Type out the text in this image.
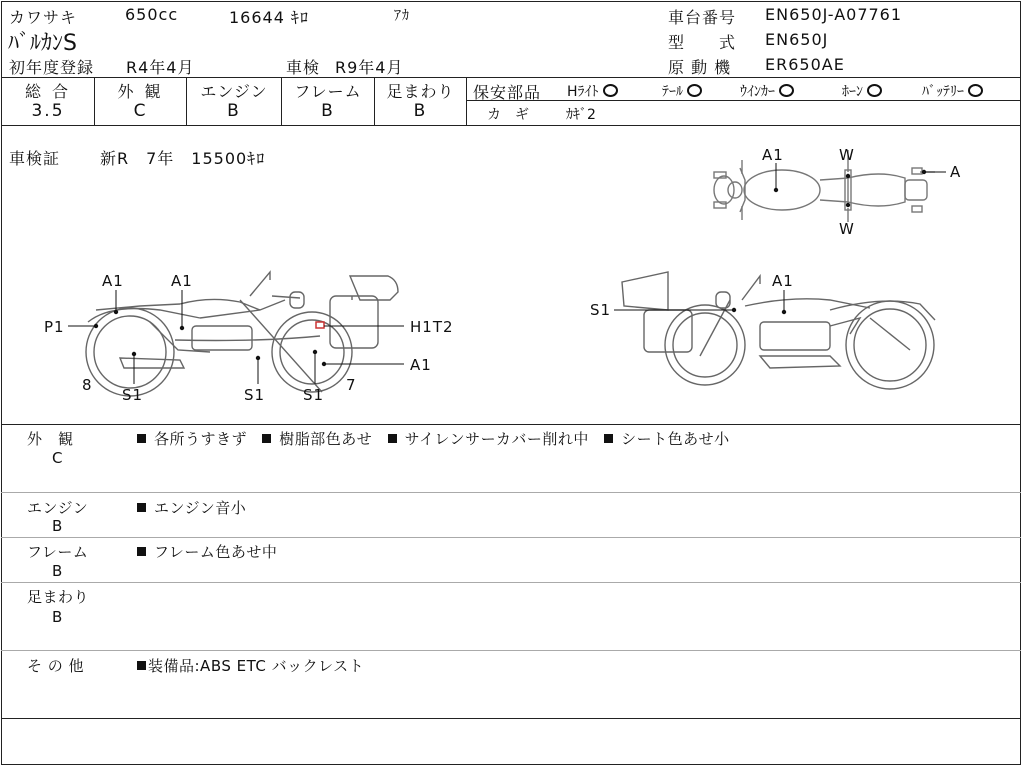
カワサキ	650cc	16644 ｷﾛ	ｱｶ
ﾊﾞﾙｶﾝS
初年度登録 R4年4月	車検 R9年4月
車台番号 EN650J-A07761
型　　式 EN650J
原 動 機 ER650AE
総 合
3.5
外 観
C
エンジン
B
フレーム
B
足まわり
B
保安部品 Hﾗｲﾄ	ﾃｰﾙ	ｳｲﾝｶｰ	ﾎｰﾝ	ﾊﾞｯﾃﾘｰ
カ　ギ	ｶｷﾞ2
車検証 新R　7年　15500ｷﾛ	A1	W
W
A
A1	A1
P1	H1T2
A1
8
S1	S1	S1
7
A1
S1
外　観
C
各所うすきず 樹脂部色あせ サイレンサーカバー削れ中 シート色あせ小
エンジン
B
エンジン音小
フレーム
B
フレーム色あせ中
足まわり
B
そ の 他	装備品:ABS ETC バックレスト
